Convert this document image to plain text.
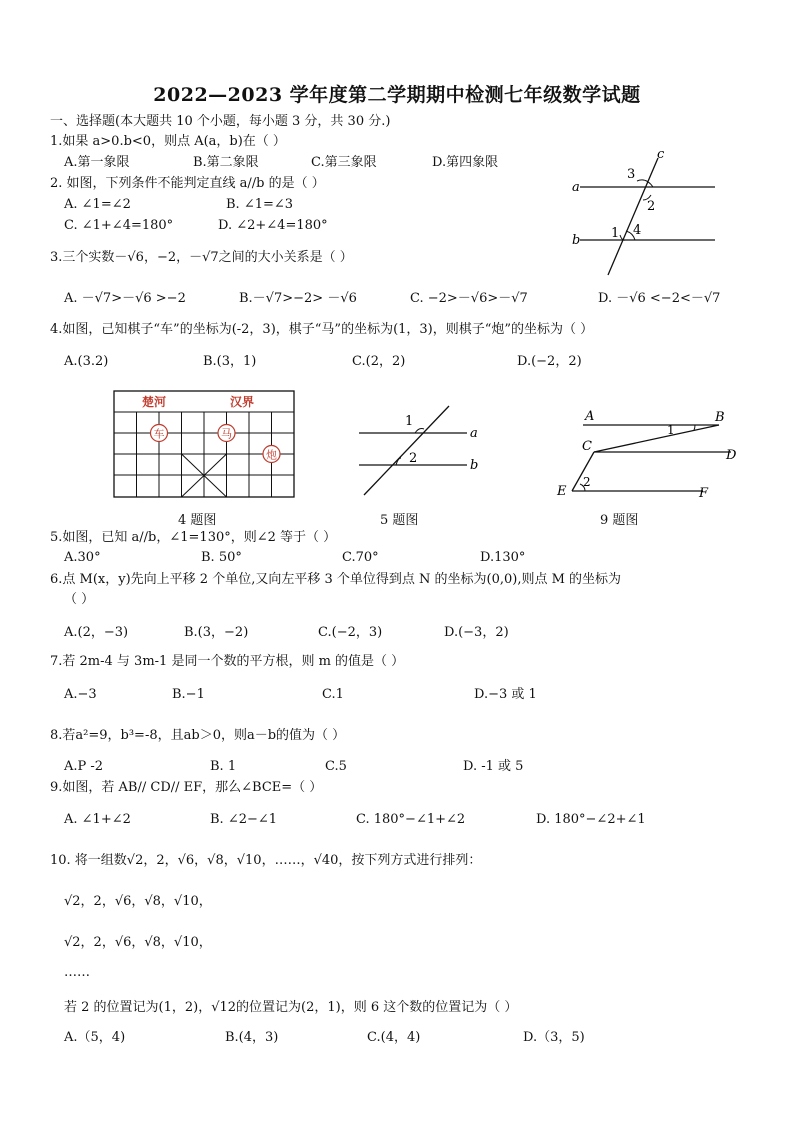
2022—2023 学年度第二学期期中检测七年级数学试题
一、选择题(本大题共 10 个小题，每小题 3 分，共 30 分.)
1.如果 a>0.b<0，则点 A(a，b)在（ ）
A.第一象限	B.第二象限	C.第三象限	D.第四象限
2. 如图，下列条件不能判定直线 a//b 的是（ ）
A. ∠1=∠2	B. ∠1=∠3
C. ∠1+∠4=180°	D. ∠2+∠4=180°
a
b
c
3
2
1 4
3.三个实数－√6，−2，－√7之间的大小关系是（ ）
A. －√7>－√6 >−2	B.－√7>−2> －√6	C. −2>－√6>－√7	D. －√6 <−2<－√7
4.如图，己知棋子“车”的坐标为(-2，3)，棋子“马”的坐标为(1，3)，则棋子“炮”的坐标为（ ）
A.(3.2)	B.(3，1)	C.(2，2)	D.(−2，2)
楚河	汉界
车	马
炮
4 题图
1
2
a
b
5 题图
A	B
C
D
E	F
1
2
9 题图
5.如图，已知 a//b，∠1=130°，则∠2 等于（ ）
A.30°	B. 50°	C.70°	D.130°
6.点 M(x，y)先向上平移 2 个单位,又向左平移 3 个单位得到点 N 的坐标为(0,0),则点 M 的坐标为
（ ）
A.(2，−3)	B.(3，−2)	C.(−2，3)	D.(−3，2)
7.若 2m-4 与 3m-1 是同一个数的平方根，则 m 的值是（ ）
A.−3	B.−1	C.1	D.−3 或 1
8.若a²=9，b³=-8，且ab＞0，则a－b的值为（ ）
A.P -2	B. 1	C.5	D. -1 或 5
9.如图，若 AB// CD// EF，那么∠BCE=（ ）
A. ∠1+∠2	B. ∠2−∠1	C. 180°−∠1+∠2	D. 180°−∠2+∠1
10. 将一组数√2，2，√6，√8，√10，……，√40，按下列方式进行排列：
√2，2，√6，√8，√10，
√2，2，√6，√8，√10，
……
若 2 的位置记为(1，2)，√12的位置记为(2，1)，则 6 这个数的位置记为（ ）
A.（5，4)	B.(4，3)	C.(4，4)	D.（3，5)
